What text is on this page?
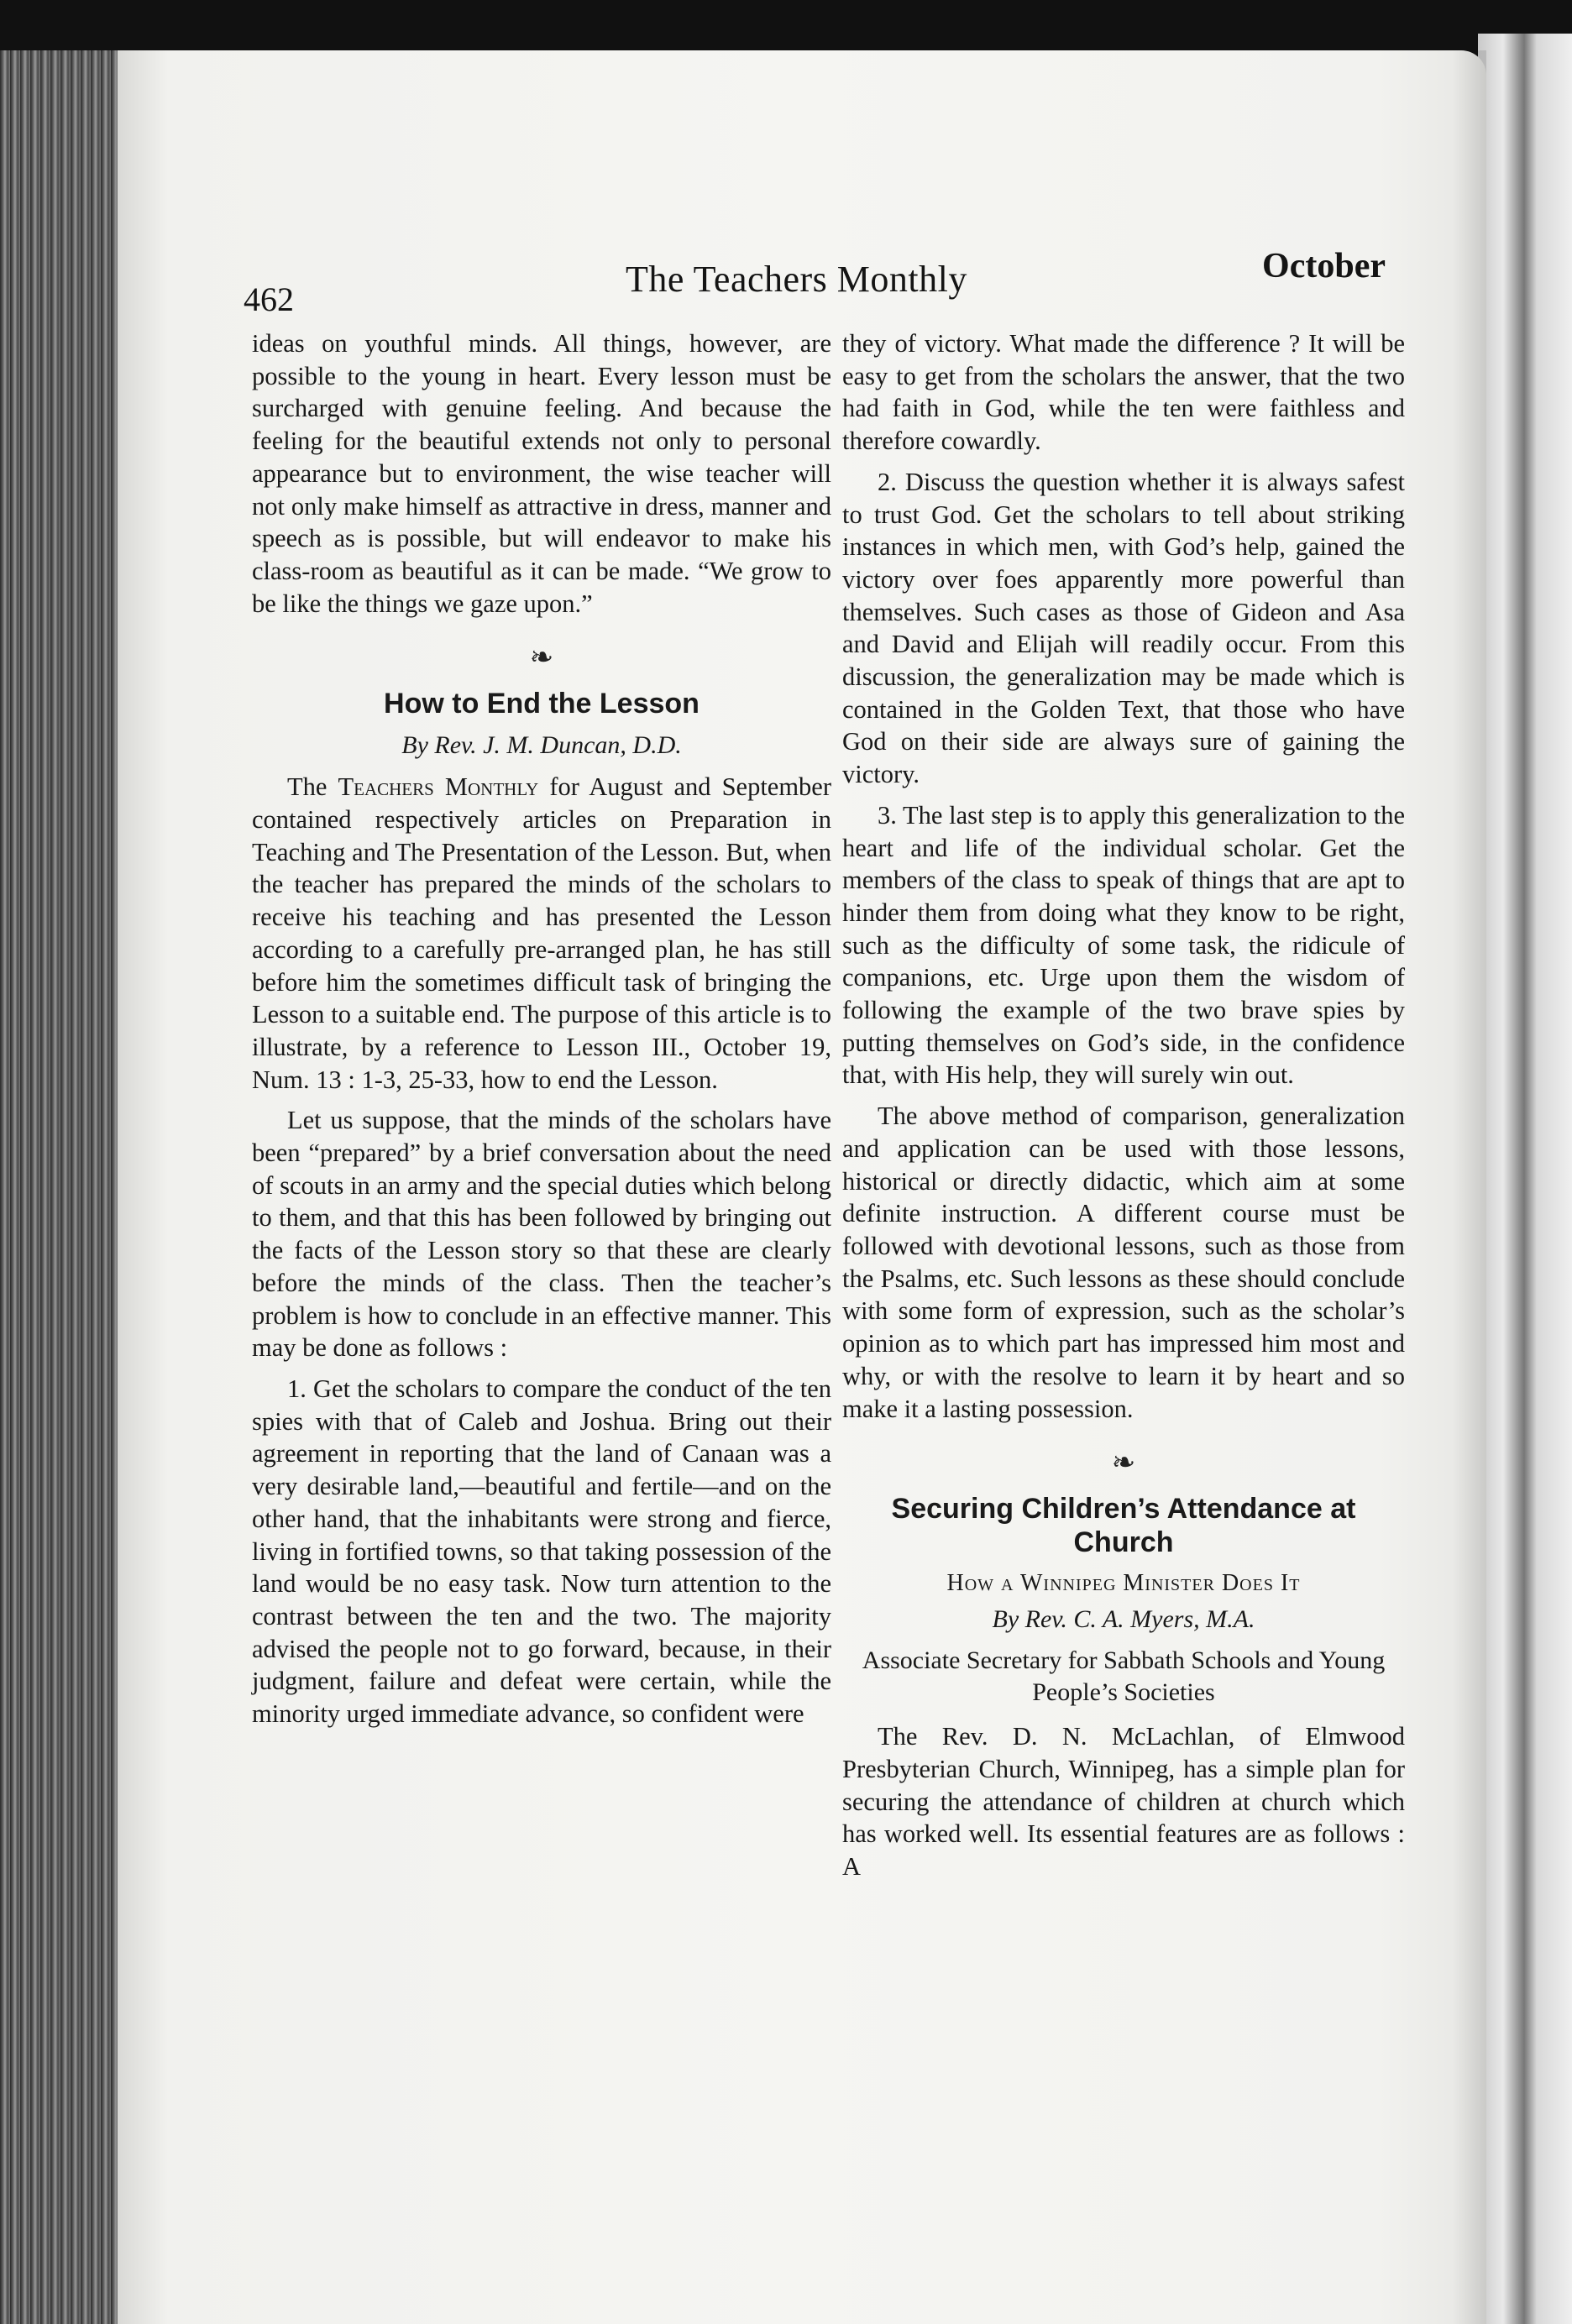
462	The Teachers Monthly	October

ideas on youthful minds. All things, however, are possible to the young in heart. Every lesson must be surcharged with genuine feeling. And because the feeling for the beautiful extends not only to personal appearance but to environment, the wise teacher will not only make himself as attractive in dress, manner and speech as is possible, but will endeavor to make his class-room as beautiful as it can be made. “We grow to be like the things we gaze upon.”

❧
How to End the Lesson
By Rev. J. M. Duncan, D.D.

The Teachers Monthly for August and September contained respectively articles on Preparation in Teaching and The Presentation of the Lesson. But, when the teacher has prepared the minds of the scholars to receive his teaching and has presented the Lesson according to a carefully pre-arranged plan, he has still before him the sometimes difficult task of bringing the Lesson to a suitable end. The purpose of this article is to illustrate, by a reference to Lesson III., October 19, Num. 13 : 1-3, 25-33, how to end the Lesson.

Let us suppose, that the minds of the scholars have been “prepared” by a brief conversation about the need of scouts in an army and the special duties which belong to them, and that this has been followed by bringing out the facts of the Lesson story so that these are clearly before the minds of the class. Then the teacher’s problem is how to conclude in an effective manner. This may be done as follows :

1. Get the scholars to compare the conduct of the ten spies with that of Caleb and Joshua. Bring out their agreement in reporting that the land of Canaan was a very desirable land,—beautiful and fertile—and on the other hand, that the inhabitants were strong and fierce, living in fortified towns, so that taking possession of the land would be no easy task. Now turn attention to the contrast between the ten and the two. The majority advised the people not to go forward, because, in their judgment, failure and defeat were certain, while the minority urged immediate advance, so confident were

they of victory. What made the difference ? It will be easy to get from the scholars the answer, that the two had faith in God, while the ten were faithless and therefore cowardly.

2. Discuss the question whether it is always safest to trust God. Get the scholars to tell about striking instances in which men, with God’s help, gained the victory over foes apparently more powerful than themselves. Such cases as those of Gideon and Asa and David and Elijah will readily occur. From this discussion, the generalization may be made which is contained in the Golden Text, that those who have God on their side are always sure of gaining the victory.

3. The last step is to apply this generalization to the heart and life of the individual scholar. Get the members of the class to speak of things that are apt to hinder them from doing what they know to be right, such as the difficulty of some task, the ridicule of companions, etc. Urge upon them the wisdom of following the example of the two brave spies by putting themselves on God’s side, in the confidence that, with His help, they will surely win out.

The above method of comparison, generalization and application can be used with those lessons, historical or directly didactic, which aim at some definite instruction. A different course must be followed with devotional lessons, such as those from the Psalms, etc. Such lessons as these should conclude with some form of expression, such as the scholar’s opinion as to which part has impressed him most and why, or with the resolve to learn it by heart and so make it a lasting possession.

❧
Securing Children’s Attendance at Church
How a Winnipeg Minister Does It
By Rev. C. A. Myers, M.A.
Associate Secretary for Sabbath Schools and Young People’s Societies

The Rev. D. N. McLachlan, of Elmwood Presbyterian Church, Winnipeg, has a simple plan for securing the attendance of children at church which has worked well. Its essential features are as follows : A
